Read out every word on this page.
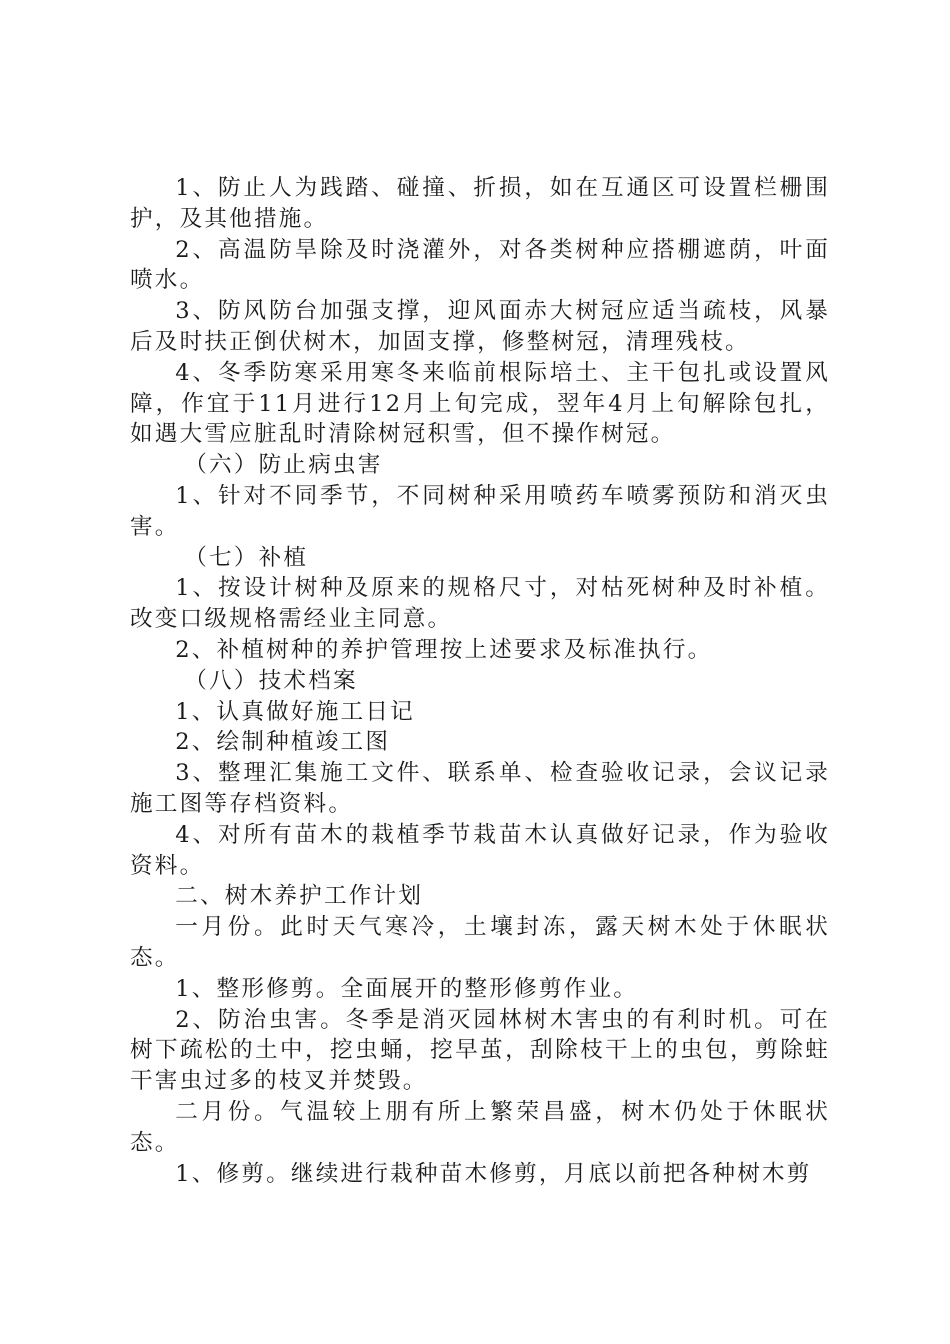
1、防止人为践踏、碰撞、折损，如在互通区可设置栏栅围护，及其他措施。

2、高温防旱除及时浇灌外，对各类树种应搭棚遮荫，叶面喷水。

3、防风防台加强支撑，迎风面赤大树冠应适当疏枝，风暴后及时扶正倒伏树木，加固支撑，修整树冠，清理残枝。

4、冬季防寒采用寒冬来临前根际培土、主干包扎或设置风障，作宜于11月进行12月上旬完成，翌年4月上旬解除包扎，如遇大雪应脏乱时清除树冠积雪，但不操作树冠。

（六）防止病虫害

1、针对不同季节，不同树种采用喷药车喷雾预防和消灭虫害。

（七）补植

1、按设计树种及原来的规格尺寸，对枯死树种及时补植。改变口级规格需经业主同意。

2、补植树种的养护管理按上述要求及标准执行。

（八）技术档案

1、认真做好施工日记

2、绘制种植竣工图

3、整理汇集施工文件、联系单、检查验收记录，会议记录施工图等存档资料。

4、对所有苗木的栽植季节栽苗木认真做好记录，作为验收资料。

二、树木养护工作计划

一月份。此时天气寒冷，土壤封冻，露天树木处于休眠状态。

1、整形修剪。全面展开的整形修剪作业。

2、防治虫害。冬季是消灭园林树木害虫的有利时机。可在树下疏松的土中，挖虫蛹，挖早茧，刮除枝干上的虫包，剪除蛀干害虫过多的枝叉并焚毁。

二月份。气温较上朋有所上繁荣昌盛，树木仍处于休眠状态。

1、修剪。继续进行栽种苗木修剪，月底以前把各种树木剪
